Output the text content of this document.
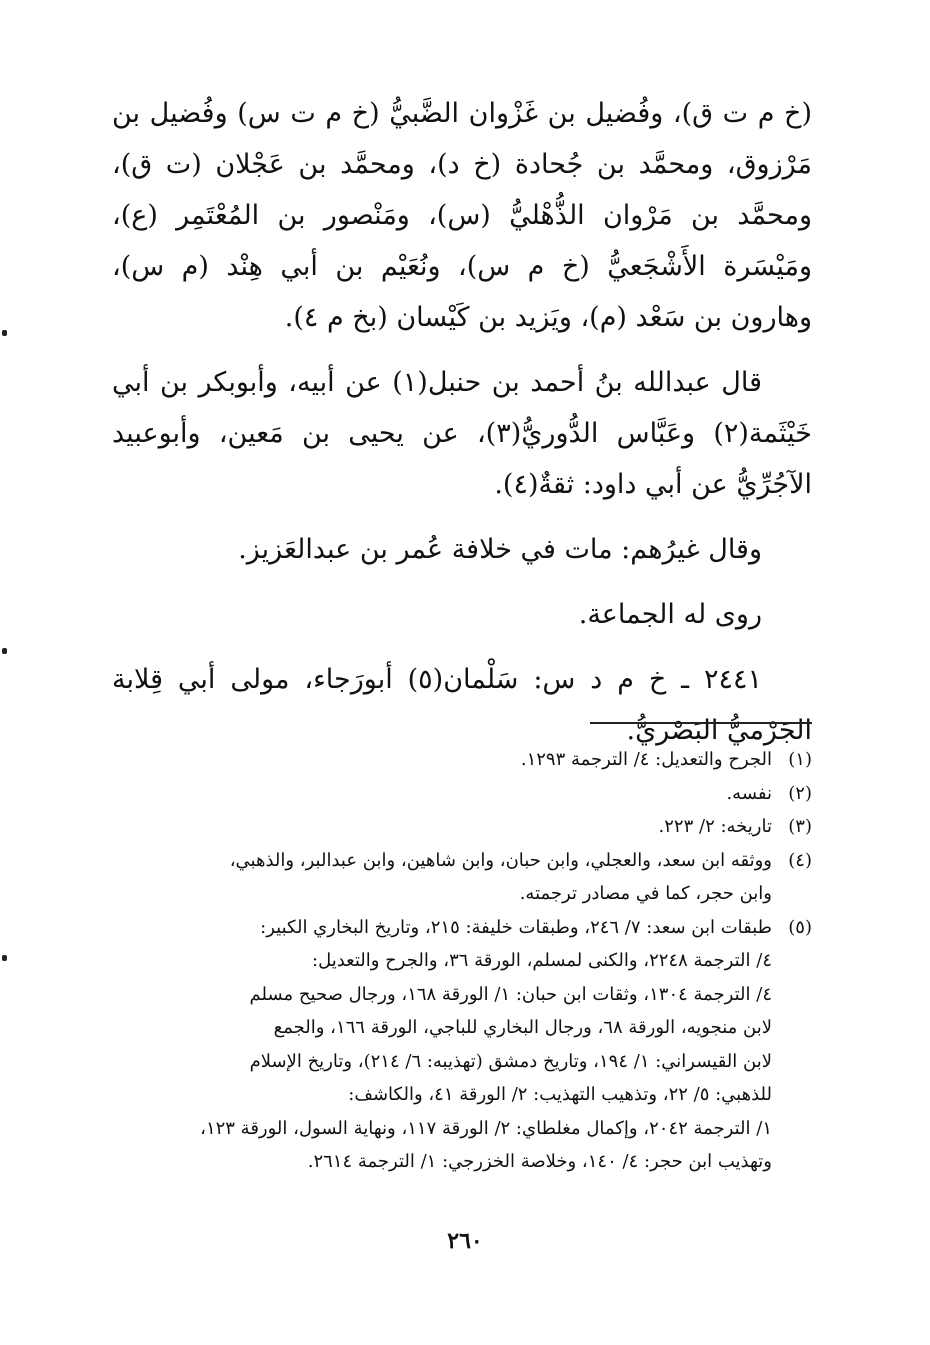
(خ م ت ق)، وفُضيل بن غَزْوان الضَّبيُّ (خ م ت س) وفُضيل بن مَرْزوق، ومحمَّد بن جُحادة (خ د)، ومحمَّد بن عَجْلان (ت ق)، ومحمَّد بن مَرْوان الذُّهْليُّ (س)، ومَنْصور بن المُعْتَمِر (ع)، ومَيْسَرة الأَشْجَعيُّ (خ م س)، ونُعَيْم بن أبي هِنْد (م س)، وهارون بن سَعْد (م)، ويَزيد بن كَيْسان (بخ م ٤).

قال عبدالله بنُ أحمد بن حنبل(١) عن أبيه، وأبوبكر بن أبي خَيْثَمة(٢) وعَبَّاس الدُّوريُّ(٣)، عن يحيى بن مَعين، وأبوعبيد الآجُرِّيُّ عن أبي داود: ثقةٌ(٤).

وقال غيرُهم: مات في خلافة عُمر بن عبدالعَزيز.

روى له الجماعة.

٢٤٤١ ـ خ م د س: سَلْمان(٥) أبورَجاء، مولى أبي قِلابة الجَرْميُّ البَصْريُّ.

(١)
الجرح والتعديل: ٤/ الترجمة ١٢٩٣.
(٢)
نفسه.
(٣)
تاريخه: ٢/ ٢٢٣.
(٤)
ووثقه ابن سعد، والعجلي، وابن حبان، وابن شاهين، وابن عبدالبر، والذهبي،
وابن حجر، كما في مصادر ترجمته.
(٥)
طبقات ابن سعد: ٧/ ٢٤٦، وطبقات خليفة: ٢١٥، وتاريخ البخاري الكبير:
٤/ الترجمة ٢٢٤٨، والكنى لمسلم، الورقة ٣٦، والجرح والتعديل:
٤/ الترجمة ١٣٠٤، وثقات ابن حبان: ١/ الورقة ١٦٨، ورجال صحيح مسلم
لابن منجويه، الورقة ٦٨، ورجال البخاري للباجي، الورقة ١٦٦، والجمع
لابن القيسراني: ١/ ١٩٤، وتاريخ دمشق (تهذيبه: ٦/ ٢١٤)، وتاريخ الإسلام
للذهبي: ٥/ ٢٢، وتذهيب التهذيب: ٢/ الورقة ٤١، والكاشف:
١/ الترجمة ٢٠٤٢، وإكمال مغلطاي: ٢/ الورقة ١١٧، ونهاية السول، الورقة ١٢٣،
وتهذيب ابن حجر: ٤/ ١٤٠، وخلاصة الخزرجي: ١/ الترجمة ٢٦١٤.
٢٦٠
